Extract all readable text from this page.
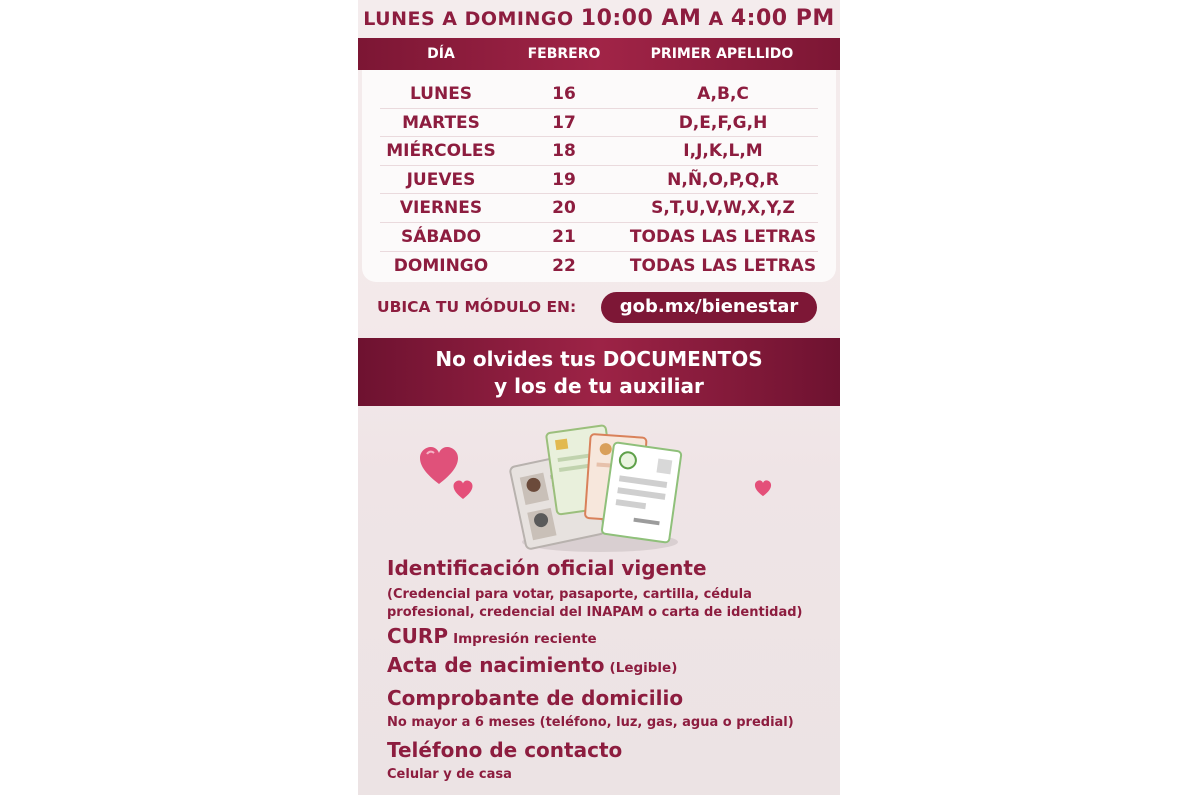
LUNES A DOMINGO 10:00 AM A 4:00 PM
DÍA	FEBRERO	PRIMER APELLIDO
LUNES	16	A,B,C
MARTES	17	D,E,F,G,H
MIÉRCOLES	18	I,J,K,L,M
JUEVES	19	N,Ñ,O,P,Q,R
VIERNES	20	S,T,U,V,W,X,Y,Z
SÁBADO	21	TODAS LAS LETRAS
DOMINGO	22	TODAS LAS LETRAS
UBICA TU MÓDULO EN:	gob.mx/bienestar
No olvides tus DOCUMENTOS
y los de tu auxiliar
Identificación oficial vigente
(Credencial para votar, pasaporte, cartilla, cédula
profesional, credencial del INAPAM o carta de identidad)
CURP Impresión reciente
Acta de nacimiento (Legible)
Comprobante de domicilio
No mayor a 6 meses (teléfono, luz, gas, agua o predial)
Teléfono de contacto
Celular y de casa
